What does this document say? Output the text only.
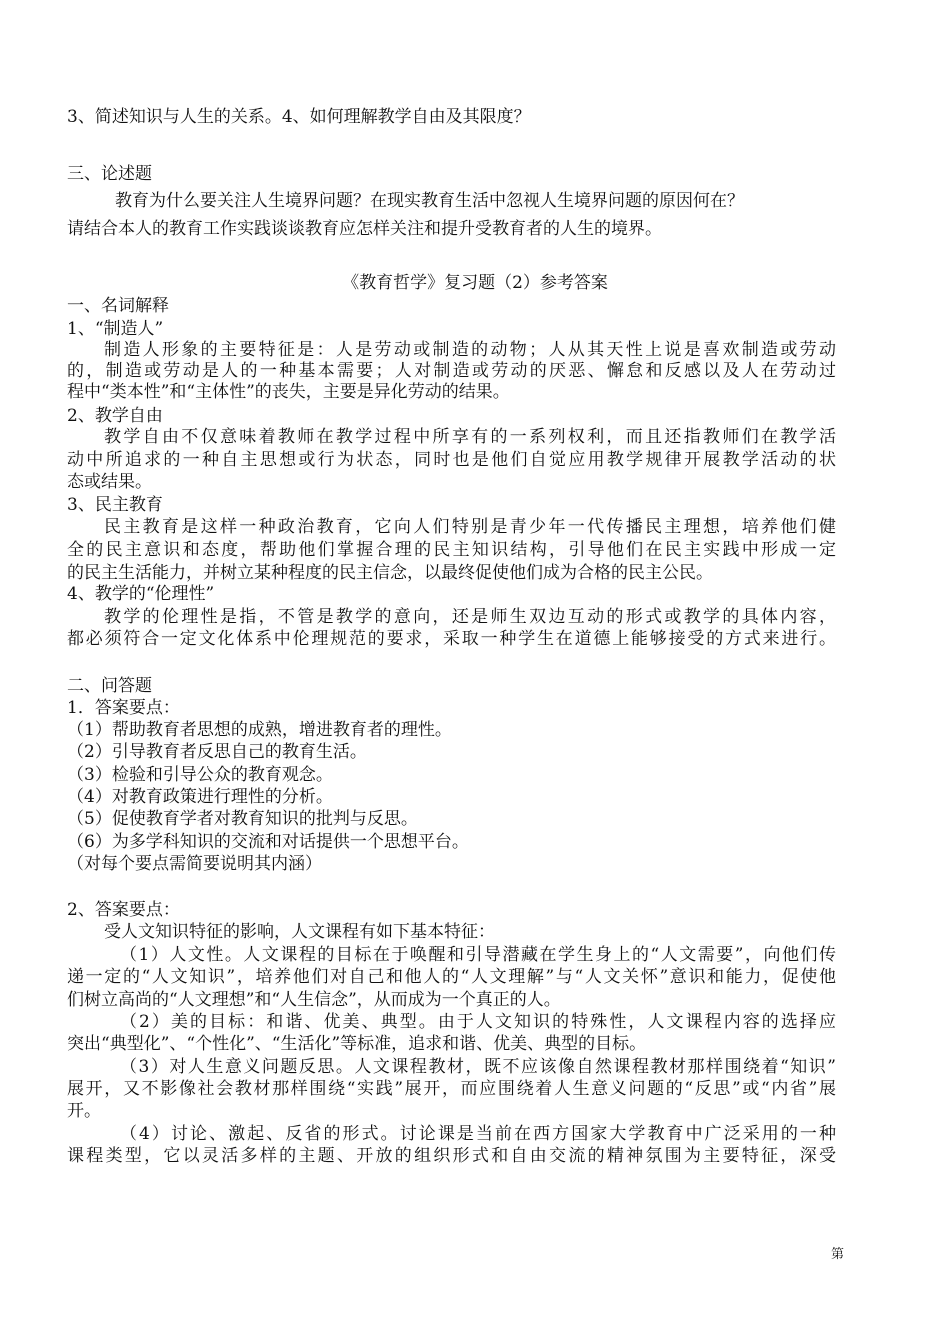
3、简述知识与人生的关系。4、如何理解教学自由及其限度？
三、论述题
教育为什么要关注人生境界问题？在现实教育生活中忽视人生境界问题的原因何在？
请结合本人的教育工作实践谈谈教育应怎样关注和提升受教育者的人生的境界。
《教育哲学》复习题（2）参考答案
一、名词解释
1、“制造人”
制造人形象的主要特征是：人是劳动或制造的动物；人从其天性上说是喜欢制造或劳动
的，制造或劳动是人的一种基本需要；人对制造或劳动的厌恶、懈怠和反感以及人在劳动过
程中“类本性”和“主体性”的丧失，主要是异化劳动的结果。
2、教学自由
教学自由不仅意味着教师在教学过程中所享有的一系列权利，而且还指教师们在教学活
动中所追求的一种自主思想或行为状态，同时也是他们自觉应用教学规律开展教学活动的状
态或结果。
3、民主教育
民主教育是这样一种政治教育，它向人们特别是青少年一代传播民主理想，培养他们健
全的民主意识和态度，帮助他们掌握合理的民主知识结构，引导他们在民主实践中形成一定
的民主生活能力，并树立某种程度的民主信念，以最终促使他们成为合格的民主公民。
4、教学的“伦理性”
教学的伦理性是指，不管是教学的意向，还是师生双边互动的形式或教学的具体内容，
都必须符合一定文化体系中伦理规范的要求，采取一种学生在道德上能够接受的方式来进行。
二、问答题
1．答案要点：
（1）帮助教育者思想的成熟，增进教育者的理性。
（2）引导教育者反思自己的教育生活。
（3）检验和引导公众的教育观念。
（4）对教育政策进行理性的分析。
（5）促使教育学者对教育知识的批判与反思。
（6）为多学科知识的交流和对话提供一个思想平台。
（对每个要点需简要说明其内涵）
2、答案要点：
受人文知识特征的影响，人文课程有如下基本特征：
（1）人文性。人文课程的目标在于唤醒和引导潜藏在学生身上的“人文需要”，向他们传
递一定的“人文知识”，培养他们对自己和他人的“人文理解”与“人文关怀”意识和能力，促使他
们树立高尚的“人文理想”和“人生信念”，从而成为一个真正的人。
（2）美的目标：和谐、优美、典型。由于人文知识的特殊性，人文课程内容的选择应
突出“典型化”、“个性化”、“生活化”等标准，追求和谐、优美、典型的目标。
（3）对人生意义问题反思。人文课程教材，既不应该像自然课程教材那样围绕着“知识”
展开，又不影像社会教材那样围绕“实践”展开，而应围绕着人生意义问题的“反思”或“内省”展
开。
（4）讨论、激起、反省的形式。讨论课是当前在西方国家大学教育中广泛采用的一种
课程类型，它以灵活多样的主题、开放的组织形式和自由交流的精神氛围为主要特征，深受
第
